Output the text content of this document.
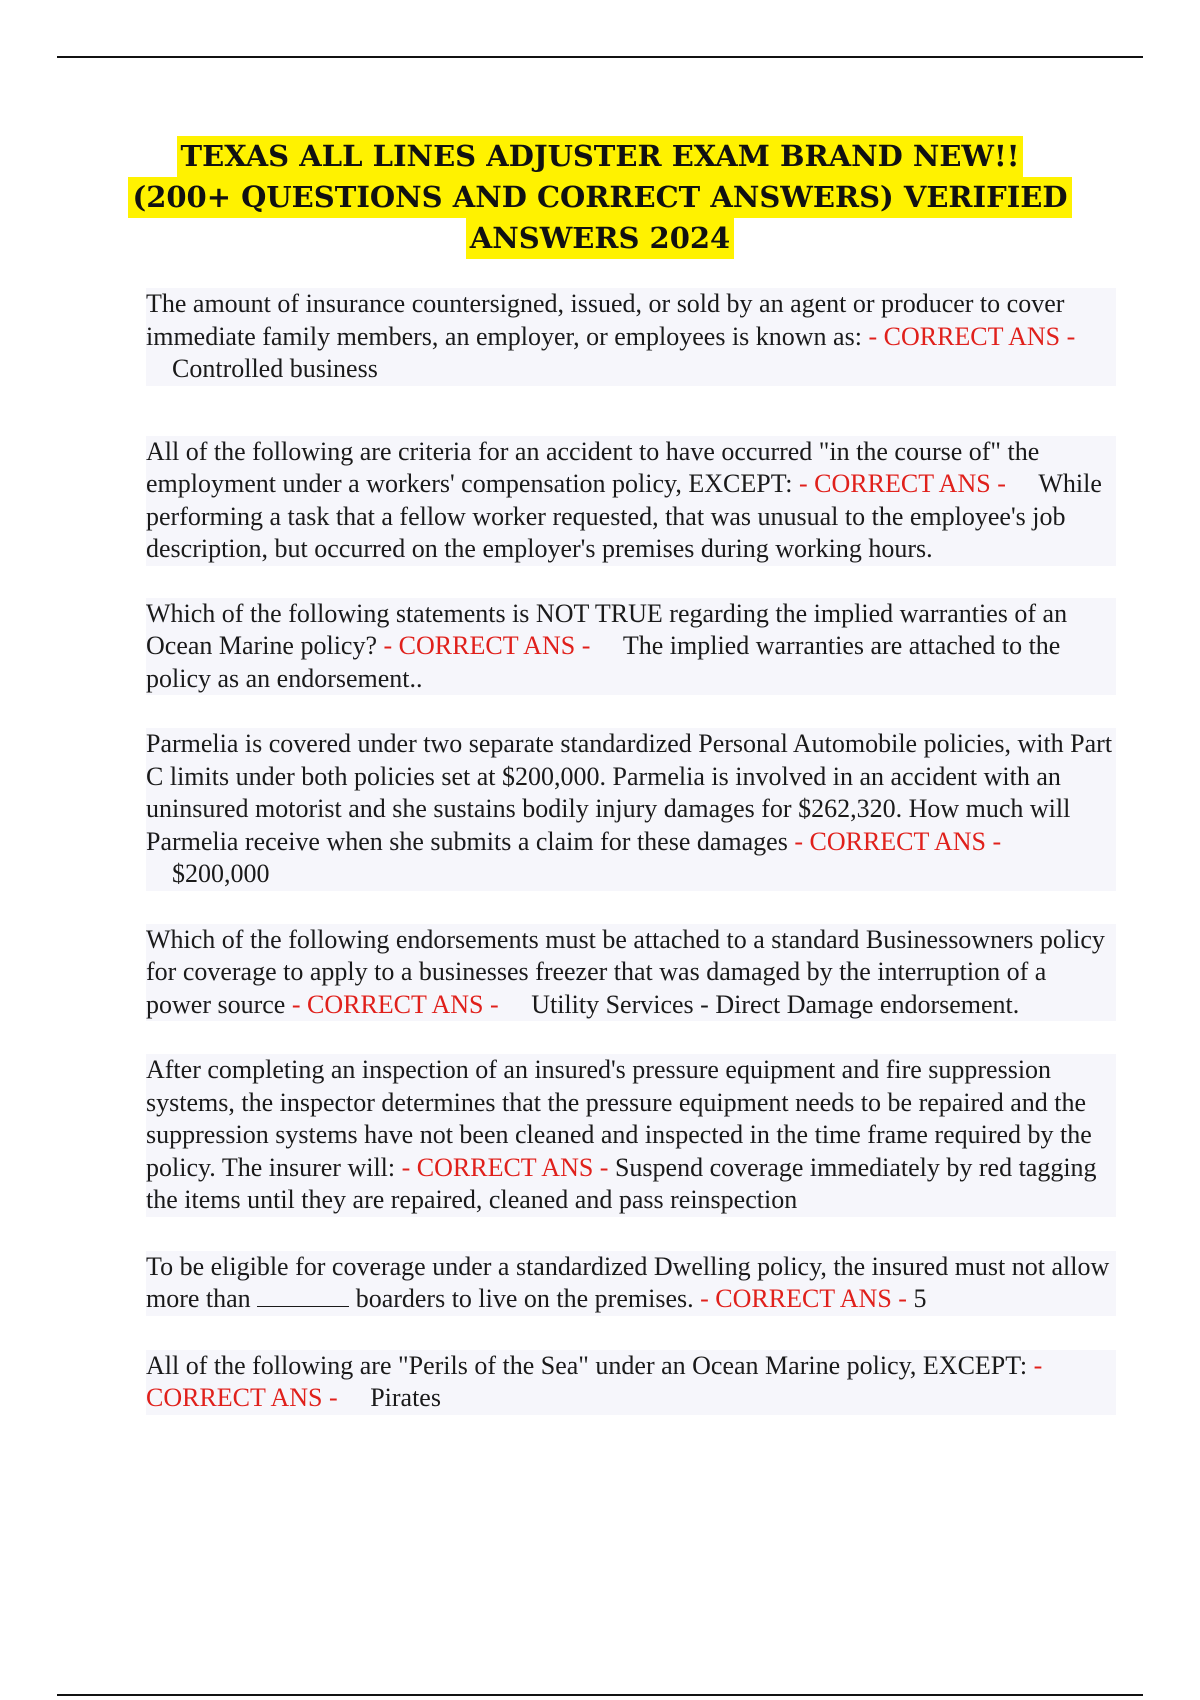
TEXAS ALL LINES ADJUSTER EXAM BRAND NEW!!
(200+ QUESTIONS AND CORRECT ANSWERS) VERIFIED
ANSWERS 2024

The amount of insurance countersigned, issued, or sold by an agent or producer to cover immediate family members, an employer, or employees is known as: - CORRECT ANS -     Controlled business

All of the following are criteria for an accident to have occurred "in the course of" the employment under a workers' compensation policy, EXCEPT: - CORRECT ANS - While performing a task that a fellow worker requested, that was unusual to the employee's job description, but occurred on the employer's premises during working hours.

Which of the following statements is NOT TRUE regarding the implied warranties of an Ocean Marine policy? - CORRECT ANS - The implied warranties are attached to the policy as an endorsement..

Parmelia is covered under two separate standardized Personal Automobile policies, with Part C limits under both policies set at $200,000. Parmelia is involved in an accident with an uninsured motorist and she sustains bodily injury damages for $262,320. How much will Parmelia receive when she submits a claim for these damages - CORRECT ANS -     $200,000

Which of the following endorsements must be attached to a standard Businessowners policy for coverage to apply to a businesses freezer that was damaged by the interruption of a power source - CORRECT ANS - Utility Services - Direct Damage endorsement.

After completing an inspection of an insured's pressure equipment and fire suppression systems, the inspector determines that the pressure equipment needs to be repaired and the suppression systems have not been cleaned and inspected in the time frame required by the policy. The insurer will: - CORRECT ANS - Suspend coverage immediately by red tagging the items until they are repaired, cleaned and pass reinspection

To be eligible for coverage under a standardized Dwelling policy, the insured must not allow more than	boarders to live on the premises. - CORRECT ANS - 5

All of the following are "Perils of the Sea" under an Ocean Marine policy, EXCEPT: - CORRECT ANS - Pirates
